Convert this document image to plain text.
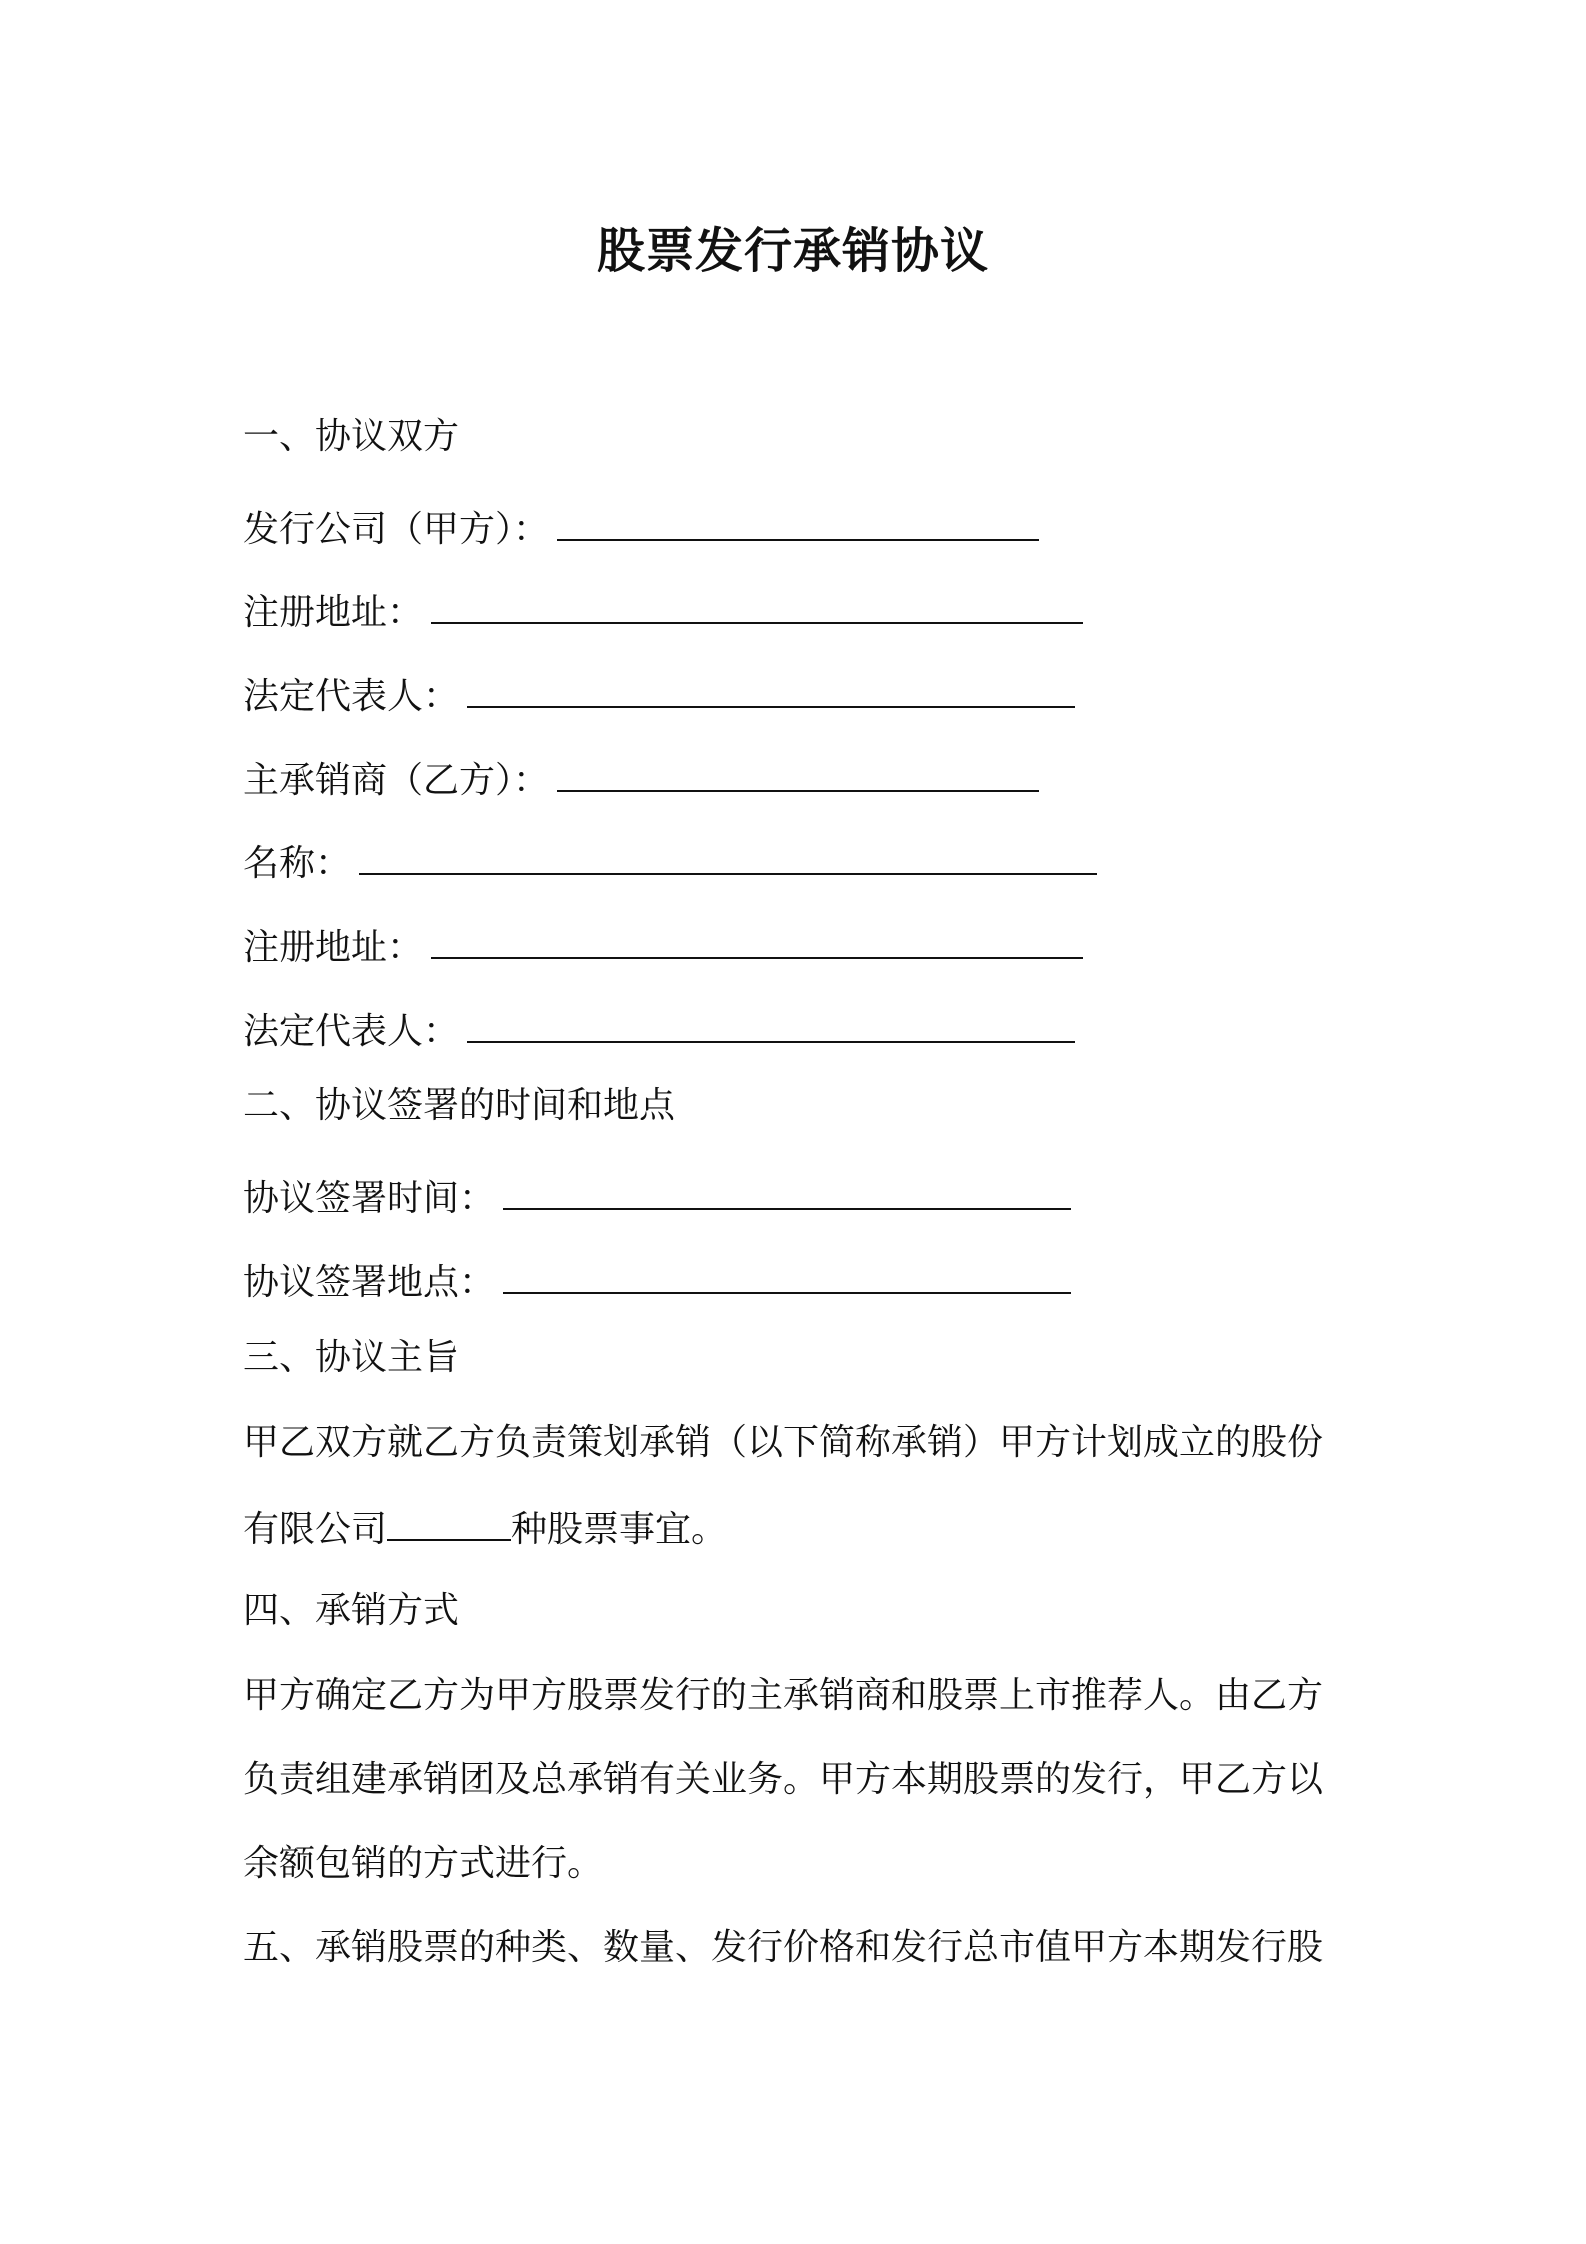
股票发行承销协议

一、协议双方

发行公司（甲方）：

注册地址：

法定代表人：

主承销商（乙方）：

名称：

注册地址：

法定代表人：

二、协议签署的时间和地点

协议签署时间：

协议签署地点：

三、协议主旨

甲乙双方就乙方负责策划承销（以下简称承销）甲方计划成立的股份

有限公司	种股票事宜。

四、承销方式

甲方确定乙方为甲方股票发行的主承销商和股票上市推荐人。由乙方

负责组建承销团及总承销有关业务。甲方本期股票的发行，甲乙方以

余额包销的方式进行。

五、承销股票的种类、数量、发行价格和发行总市值甲方本期发行股
